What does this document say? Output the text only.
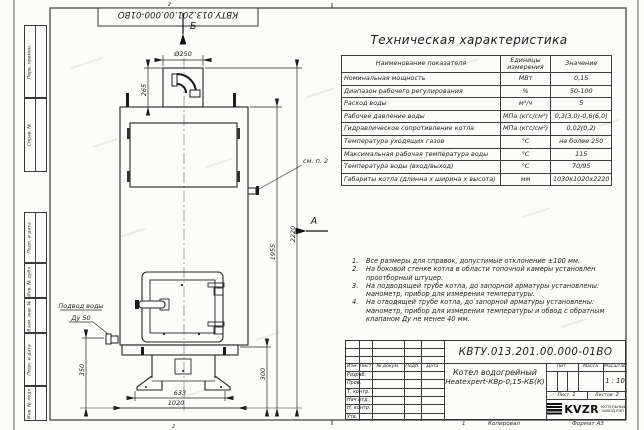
2
2
КВТУ.013.201.00.000-01ВО
см. п. 2
Подвод воды
Ду 50
Ø250
265
350	300
1955
2220
633
1020
Б
А
Перв. примен.
Справ. №
Подп. и дата
Инв. № дубл.
Взам. инв. №
Подп. и дата
Инв. № подл.
Техническая характеристика
Наименование показателя	Единицы измерения	Значение
Номинальная мощность	МВт	0,15
Диапазон рабочего регулирования	%	50-100
Расход воды	м³/ч	5
Рабочее давление воды	МПа (кгс/см²)	0,3(3,0)-0,6(6,0)
Гидравлическое сопротивление котла	МПа (кгс/см²)	0,02(0,2)
Температура уходящих газов	°С	не более 250
Максимальная рабочая температура воды	°С	115
Температура воды (вход/выход)	°С	70/95
Габариты котла (длинна х ширина х высота)	мм	1030х1020х2220
1.	Все размеры для справок, допустимые отклонение ±100 мм.
2.	На боковой стенке котла в области топочной камеры установлен проотборный штуцер.
3.	На подводящей трубе котла, до запорной арматуры установлены: манометр, прибор для измерения температуры.
4.	На отводящей трубе котла, до запорной арматуры установлены: манометр, прибор для измерения температуры и обвод с обратным клапаном Ду не менее 40 мм.
Изм. Лист	№ докум.	Подп.	Дата
Разраб.
Пров.
Т. контр.
Нач.отд.
Н. контр.
Утв.
КВТУ.013.201.00.000-01ВО
Котел водогрейный
Heatexpert-КВр-0,15-КБ(К)
Лит.	Масса	Масштаб
1 : 10
Лист 1	Листов 2
KVZR КОТЕЛЬНЫЙ
ЗАВОД РЭП
1	Копировал	Формат А3
